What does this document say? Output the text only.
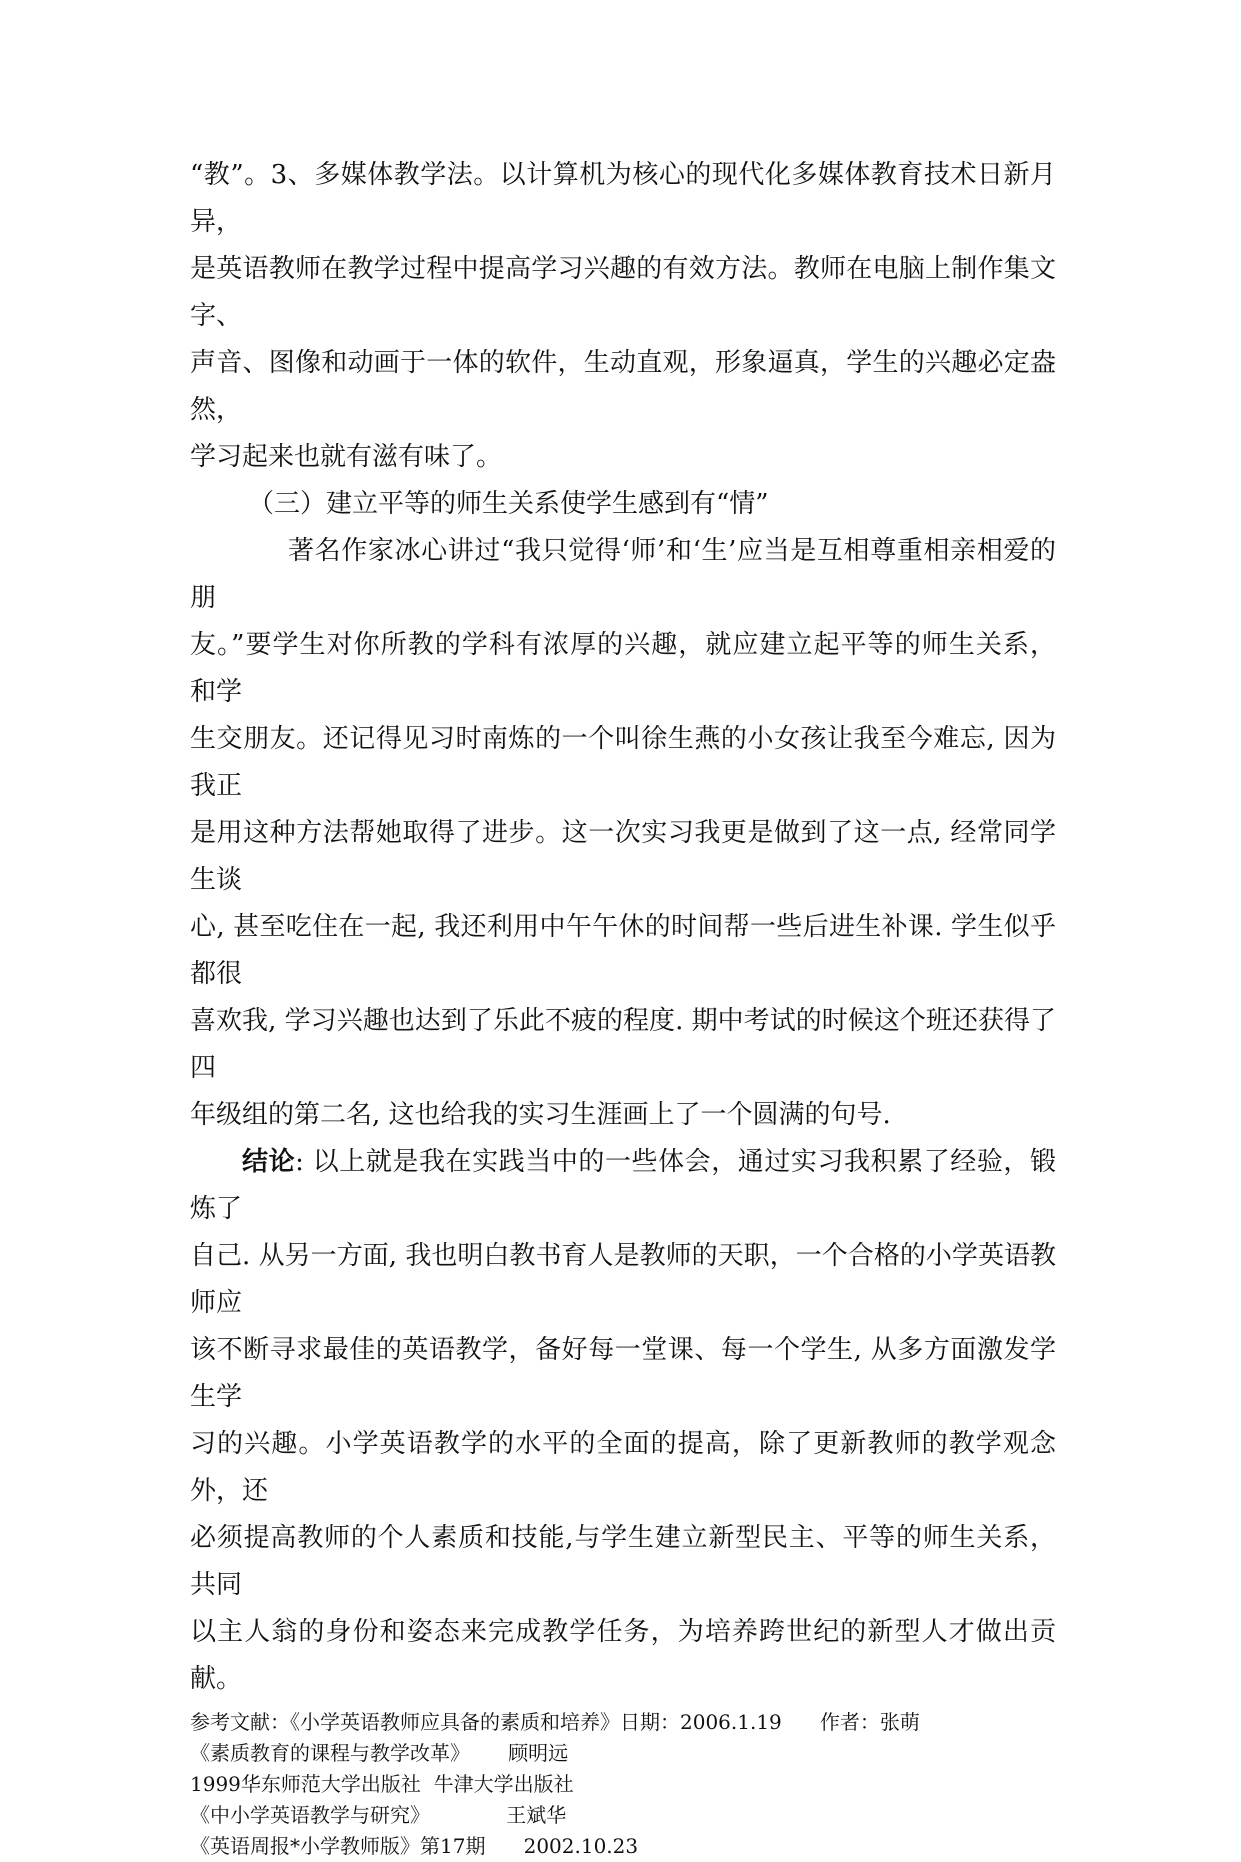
“教”。3、多媒体教学法。以计算机为核心的现代化多媒体教育技术日新月异，
是英语教师在教学过程中提高学习兴趣的有效方法。教师在电脑上制作集文字、
声音、图像和动画于一体的软件，生动直观，形象逼真，学生的兴趣必定盎然，
学习起来也就有滋有味了。

（三）建立平等的师生关系使学生感到有“情”

著名作家冰心讲过“我只觉得‘师’和‘生’应当是互相尊重相亲相爱的朋
友。”要学生对你所教的学科有浓厚的兴趣，就应建立起平等的师生关系， 和学
生交朋友。还记得见习时南炼的一个叫徐生燕的小女孩让我至今难忘, 因为我正
是用这种方法帮她取得了进步。这一次实习我更是做到了这一点, 经常同学生谈
心, 甚至吃住在一起, 我还利用中午午休的时间帮一些后进生补课. 学生似乎都很
喜欢我, 学习兴趣也达到了乐此不疲的程度. 期中考试的时候这个班还获得了四
年级组的第二名, 这也给我的实习生涯画上了一个圆满的句号.

结论: 以上就是我在实践当中的一些体会，通过实习我积累了经验，锻炼了
自己. 从另一方面, 我也明白教书育人是教师的天职，一个合格的小学英语教师应
该不断寻求最佳的英语教学，备好每一堂课、每一个学生, 从多方面激发学生学
习的兴趣。小学英语教学的水平的全面的提高，除了更新教师的教学观念外，还
必须提高教师的个人素质和技能,与学生建立新型民主、平等的师生关系，共同
以主人翁的身份和姿态来完成教学任务，为培养跨世纪的新型人才做出贡献。

参考文献：《小学英语教师应具备的素质和培养》日期：2006.1.19      作者：张萌
《素质教育的课程与教学改革》      顾明远
1999华东师范大学出版社  牛津大学出版社
《中小学英语教学与研究》            王斌华
《英语周报*小学教师版》第17期      2002.10.23
